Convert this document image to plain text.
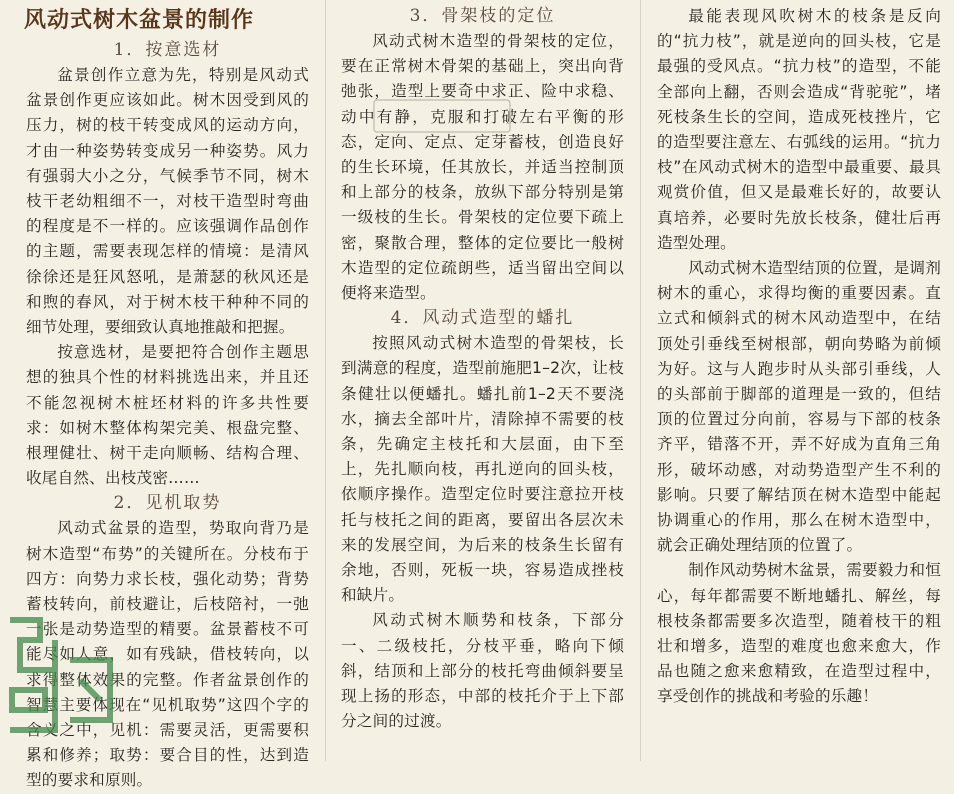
风动式树木盆景的制作
1．按意选材

盆景创作立意为先，特别是风动式盆景创作更应该如此。树木因受到风的压力，树的枝干转变成风的运动方向，才由一种姿势转变成另一种姿势。风力有强弱大小之分，气候季节不同，树木枝干老幼粗细不一，对枝干造型时弯曲的程度是不一样的。应该强调作品创作的主题，需要表现怎样的情境：是清风徐徐还是狂风怒吼，是萧瑟的秋风还是和煦的春风，对于树木枝干种种不同的细节处理，要细致认真地推敲和把握。

按意选材，是要把符合创作主题思想的独具个性的材料挑选出来，并且还不能忽视树木桩坯材料的许多共性要求：如树木整体构架完美、根盘完整、根理健壮、树干走向顺畅、结构合理、收尾自然、出枝茂密……

2．见机取势

风动式盆景的造型，势取向背乃是树木造型“布势”的关键所在。分枝布于四方：向势力求长枝，强化动势；背势蓄枝转向，前枝避让，后枝陪衬，一弛一张是动势造型的精要。盆景蓄枝不可能尽如人意，如有残缺，借枝转向，以求得整体效果的完整。作者盆景创作的智慧主要体现在“见机取势”这四个字的含义之中，见机：需要灵活，更需要积累和修养；取势：要合目的性，达到造型的要求和原则。

3．骨架枝的定位

风动式树木造型的骨架枝的定位，要在正常树木骨架的基础上，突出向背弛张，造型上要奇中求正、险中求稳、动中有静，克服和打破左右平衡的形态，定向、定点、定芽蓄枝，创造良好的生长环境，任其放长，并适当控制顶和上部分的枝条，放纵下部分特别是第一级枝的生长。骨架枝的定位要下疏上密，聚散合理，整体的定位要比一般树木造型的定位疏朗些，适当留出空间以便将来造型。

4．风动式造型的蟠扎

按照风动式树木造型的骨架枝，长到满意的程度，造型前施肥1–2次，让枝条健壮以便蟠扎。蟠扎前1–2天不要浇水，摘去全部叶片，清除掉不需要的枝条，先确定主枝托和大层面，由下至上，先扎顺向枝，再扎逆向的回头枝，依顺序操作。造型定位时要注意拉开枝托与枝托之间的距离，要留出各层次未来的发展空间，为后来的枝条生长留有余地，否则，死板一块，容易造成挫枝和缺片。

风动式树木顺势和枝条，下部分一、二级枝托，分枝平垂，略向下倾斜，结顶和上部分的枝托弯曲倾斜要呈现上扬的形态，中部的枝托介于上下部分之间的过渡。

最能表现风吹树木的枝条是反向的“抗力枝”，就是逆向的回头枝，它是最强的受风点。“抗力枝”的造型，不能全部向上翻，否则会造成“背驼驼”，堵死枝条生长的空间，造成死枝挫片，它的造型要注意左、右弧线的运用。“抗力枝”在风动式树木的造型中最重要、最具观赏价值，但又是最难长好的，故要认真培养，必要时先放长枝条，健壮后再造型处理。

风动式树木造型结顶的位置，是调剂树木的重心，求得均衡的重要因素。直立式和倾斜式的树木风动造型中，在结顶处引垂线至树根部，朝向势略为前倾为好。这与人跑步时从头部引垂线，人的头部前于脚部的道理是一致的，但结顶的位置过分向前，容易与下部的枝条齐平，错落不开，弄不好成为直角三角形，破坏动感，对动势造型产生不利的影响。只要了解结顶在树木造型中能起协调重心的作用，那么在树木造型中，就会正确处理结顶的位置了。

制作风动势树木盆景，需要毅力和恒心，每年都需要不断地蟠扎、解丝，每根枝条都需要多次造型，随着枝干的粗壮和增多，造型的难度也愈来愈大，作品也随之愈来愈精致，在造型过程中，享受创作的挑战和考验的乐趣！
